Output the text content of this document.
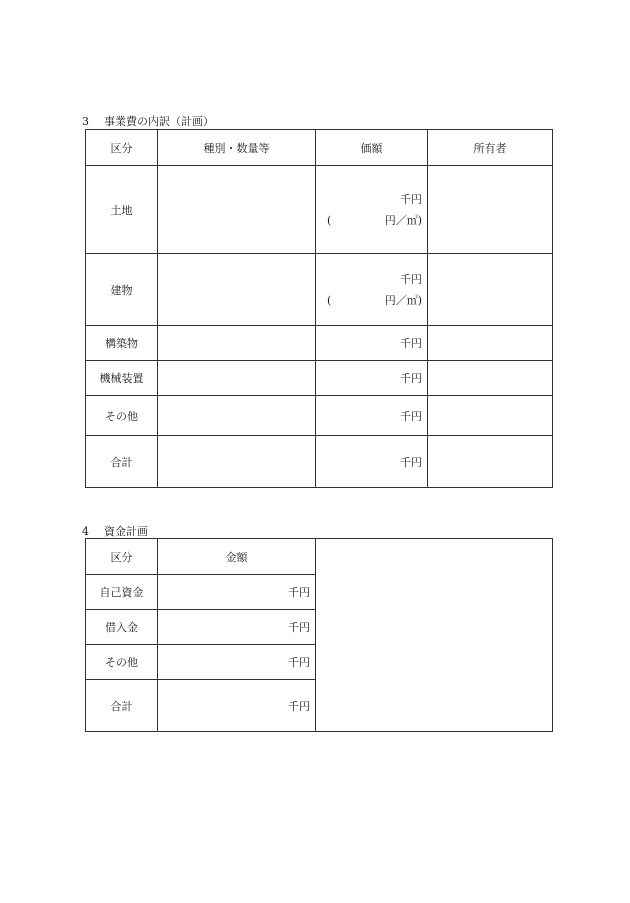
3 事業費の内訳（計画）
区分	種別・数量等	価額	所有者
土地		千円
( 円／㎡)	

建物		千円
( 円／㎡)	

構築物		千円	
機械装置		千円	
その他		千円	
合計		千円	
4 資金計画
区分	金額	
自己資金	千円	
借入金	千円	
その他	千円	
合計	千円	
